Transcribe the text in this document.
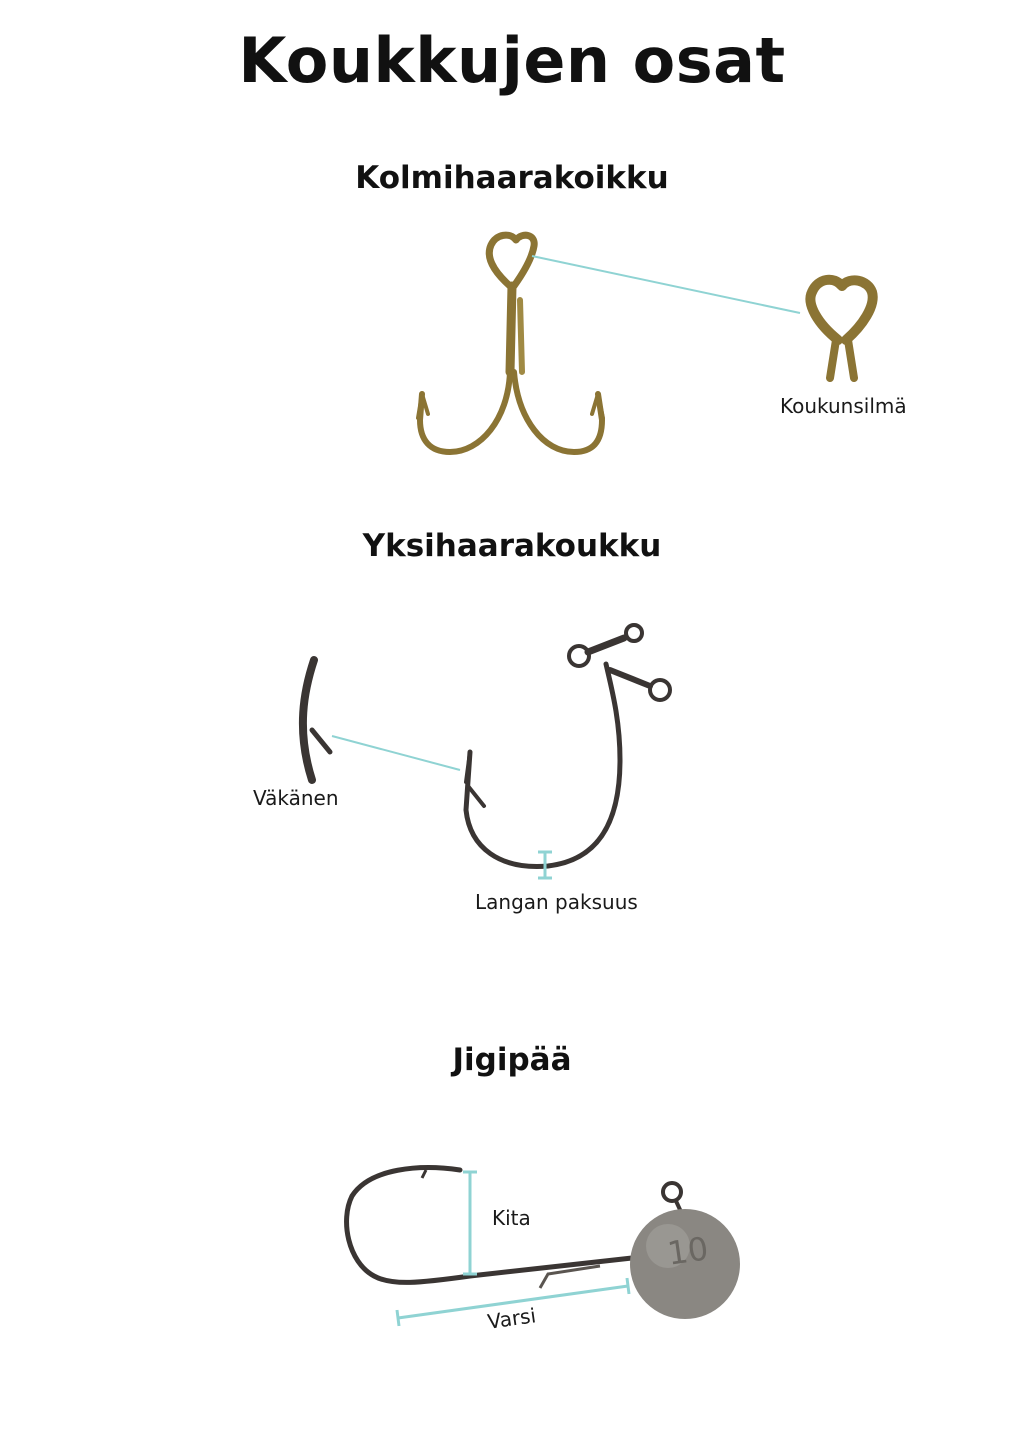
Koukkujen osat
Kolmihaarakoikku
Yksihaarakoukku
Jigipää
10
Koukunsilmä
Väkänen
Langan paksuus
Kita
Varsi
